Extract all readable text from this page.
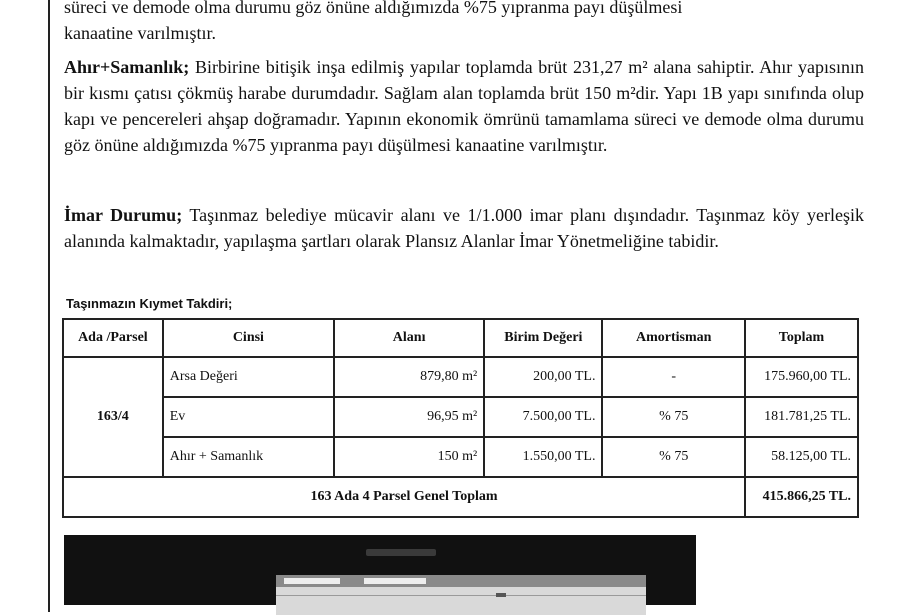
süreci ve demode olma durumu göz önüne aldığımızda %75 yıpranma payı düşülmesi
kanaatine varılmıştır.
Ahır+Samanlık; Birbirine bitişik inşa edilmiş yapılar toplamda brüt 231,27 m² alana sahiptir. Ahır yapısının bir kısmı çatısı çökmüş harabe durumdadır. Sağlam alan toplamda brüt 150 m²dir. Yapı 1B yapı sınıfında olup kapı ve pencereleri ahşap doğramadır. Yapının ekonomik ömrünü tamamlama süreci ve demode olma durumu göz önüne aldığımızda %75 yıpranma payı düşülmesi kanaatine varılmıştır.
İmar Durumu; Taşınmaz belediye mücavir alanı ve 1/1.000 imar planı dışındadır. Taşınmaz köy yerleşik alanında kalmaktadır, yapılaşma şartları olarak Plansız Alanlar İmar Yönetmeliğine tabidir.
Taşınmazın Kıymet Takdiri;
Ada /Parsel	Cinsi	Alanı	Birim Değeri	Amortisman	Toplam
163/4	Arsa Değeri	879,80 m²	200,00 TL.	-	175.960,00 TL.
	Ev	96,95 m²	7.500,00 TL.	% 75	181.781,25 TL.
	Ahır + Samanlık	150 m²	1.550,00 TL.	% 75	58.125,00 TL.
163 Ada 4 Parsel Genel Toplam					415.866,25 TL.
